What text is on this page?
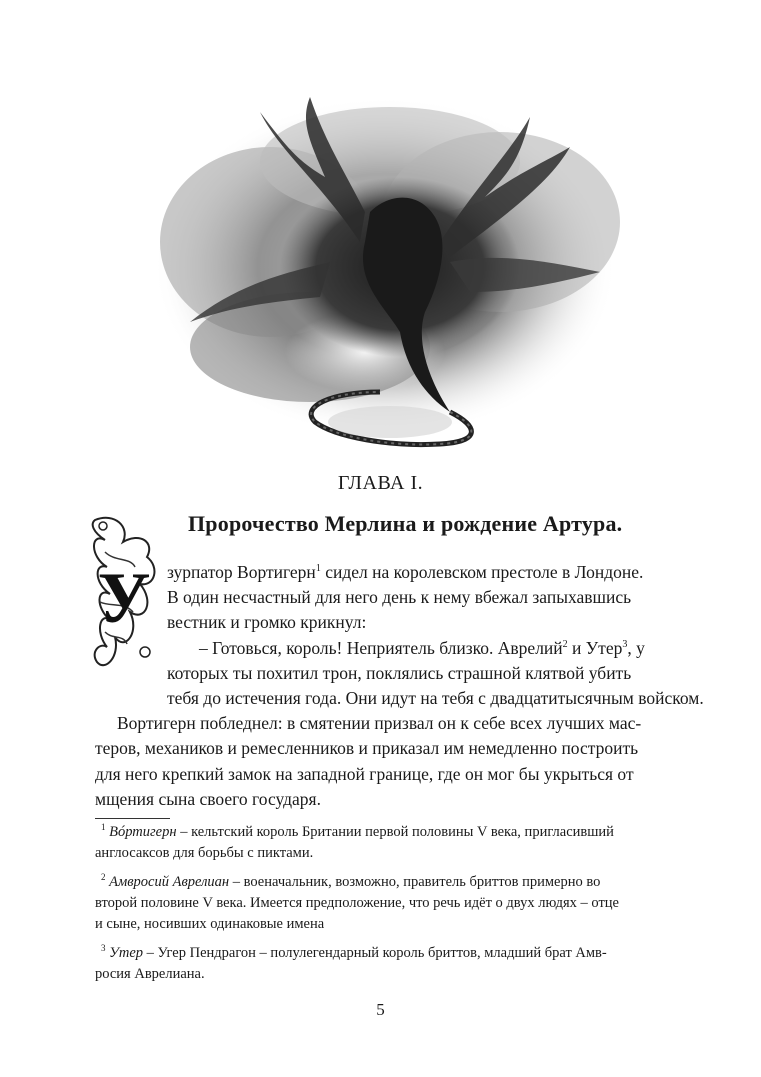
ГЛАВА I.
У
Пророчество Мерлина и рождение Артура.

зурпатор Вортигерн$^1$ сидел на королевском престоле в Лондоне.
В один несчастный для него день к нему вбежал запыхавшись
вестник и громко крикнул:

– Готовься, король! Неприятель близко. Аврелий$^2$ и Утер$^3$, у
которых ты похитил трон, поклялись страшной клятвой убить
тебя до истечения года. Они идут на тебя с двадцатитысячным войском.

Вортигерн побледнел: в смятении призвал он к себе всех лучших мас-
теров, механиков и ремесленников и приказал им немедленно построить
для него крепкий замок на западной границе, где он мог бы укрыться от
мщения сына своего государя.

$^1$ Вóртигерн – кельтский король Британии первой половины V века, пригласивший
англосаксов для борьбы с пиктами.
$^2$ Амвросий Аврелиан – военачальник, возможно, правитель бриттов примерно во
второй половине V века. Имеется предположение, что речь идёт о двух людях – отце
и сыне, носивших одинаковые имена
$^3$ Утер – Угер Пендрагон – полулегендарный король бриттов, младший брат Амв-
росия Аврелиана.
5
